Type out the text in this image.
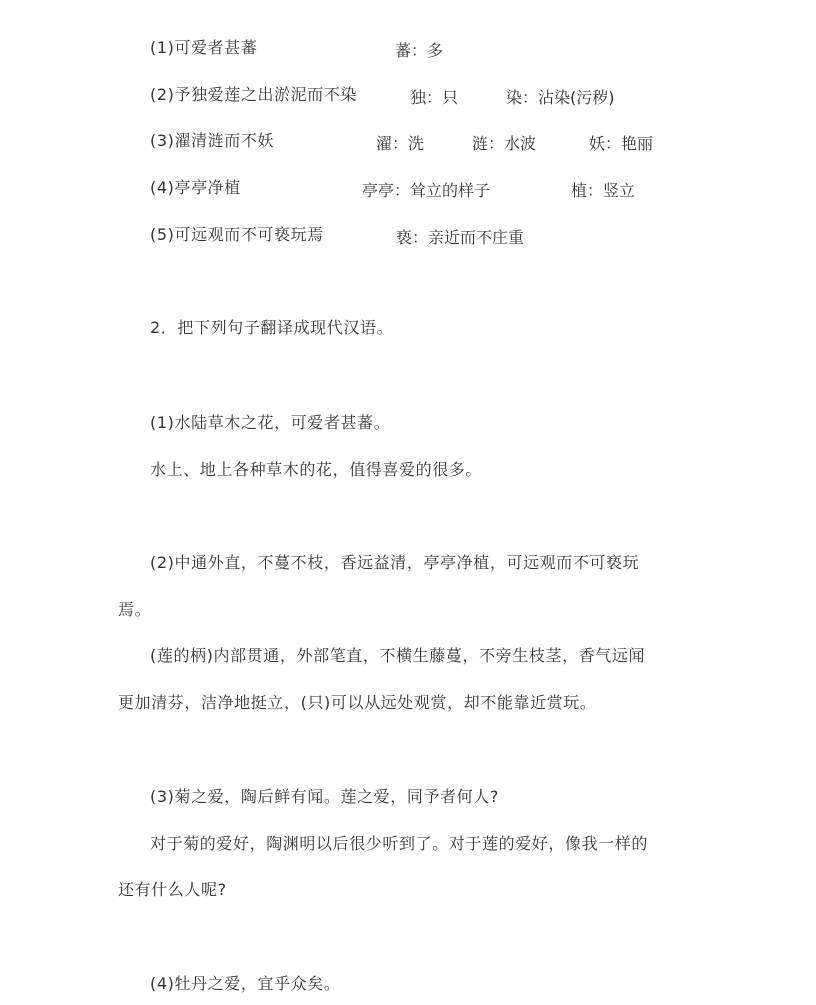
(1)可爱者甚蕃	蕃：多
(2)予独爱莲之出淤泥而不染	独：只	染：沾染(污秽)
(3)濯清涟而不妖	濯：洗	涟：水波	妖：艳丽
(4)亭亭净植	亭亭：耸立的样子	植：竖立
(5)可远观而不可亵玩焉	亵：亲近而不庄重
2．把下列句子翻译成现代汉语。
(1)水陆草木之花，可爱者甚蕃。
水上、地上各种草木的花，值得喜爱的很多。
(2)中通外直，不蔓不枝，香远益清，亭亭净植，可远观而不可亵玩
焉。
(莲的柄)内部贯通，外部笔直，不横生藤蔓，不旁生枝茎，香气远闻
更加清芬，洁净地挺立，(只)可以从远处观赏，却不能靠近赏玩。
(3)菊之爱，陶后鲜有闻。莲之爱，同予者何人?
对于菊的爱好，陶渊明以后很少听到了。对于莲的爱好，像我一样的
还有什么人呢?
(4)牡丹之爱，宜乎众矣。
